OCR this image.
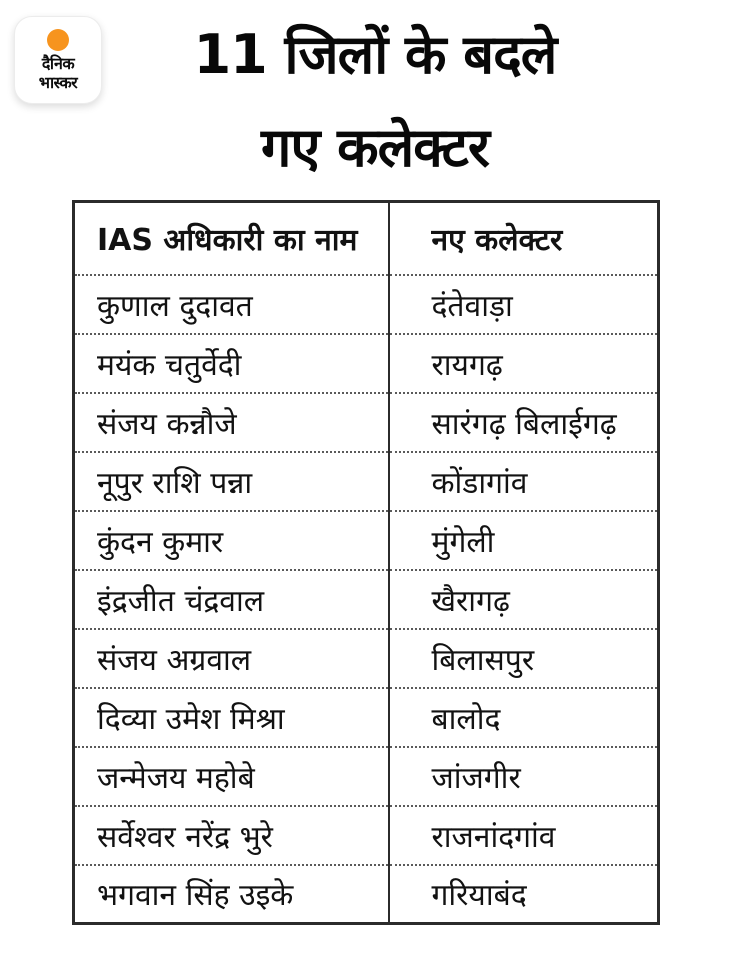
दैनिक
भास्कर	11 जिलों के बदले
गए कलेक्टर
IAS अधिकारी का नाम	नए कलेक्टर
कुणाल दुदावत	दंतेवाड़ा
मयंक चतुर्वेदी	रायगढ़
संजय कन्नौजे	सारंगढ़ बिलाईगढ़
नूपुर राशि पन्ना	कोंडागांव
कुंदन कुमार	मुंगेली
इंद्रजीत चंद्रवाल	खैरागढ़
संजय अग्रवाल	बिलासपुर
दिव्या उमेश मिश्रा	बालोद
जन्मेजय महोबे	जांजगीर
सर्वेश्वर नरेंद्र भुरे	राजनांदगांव
भगवान सिंह उइके	गरियाबंद
